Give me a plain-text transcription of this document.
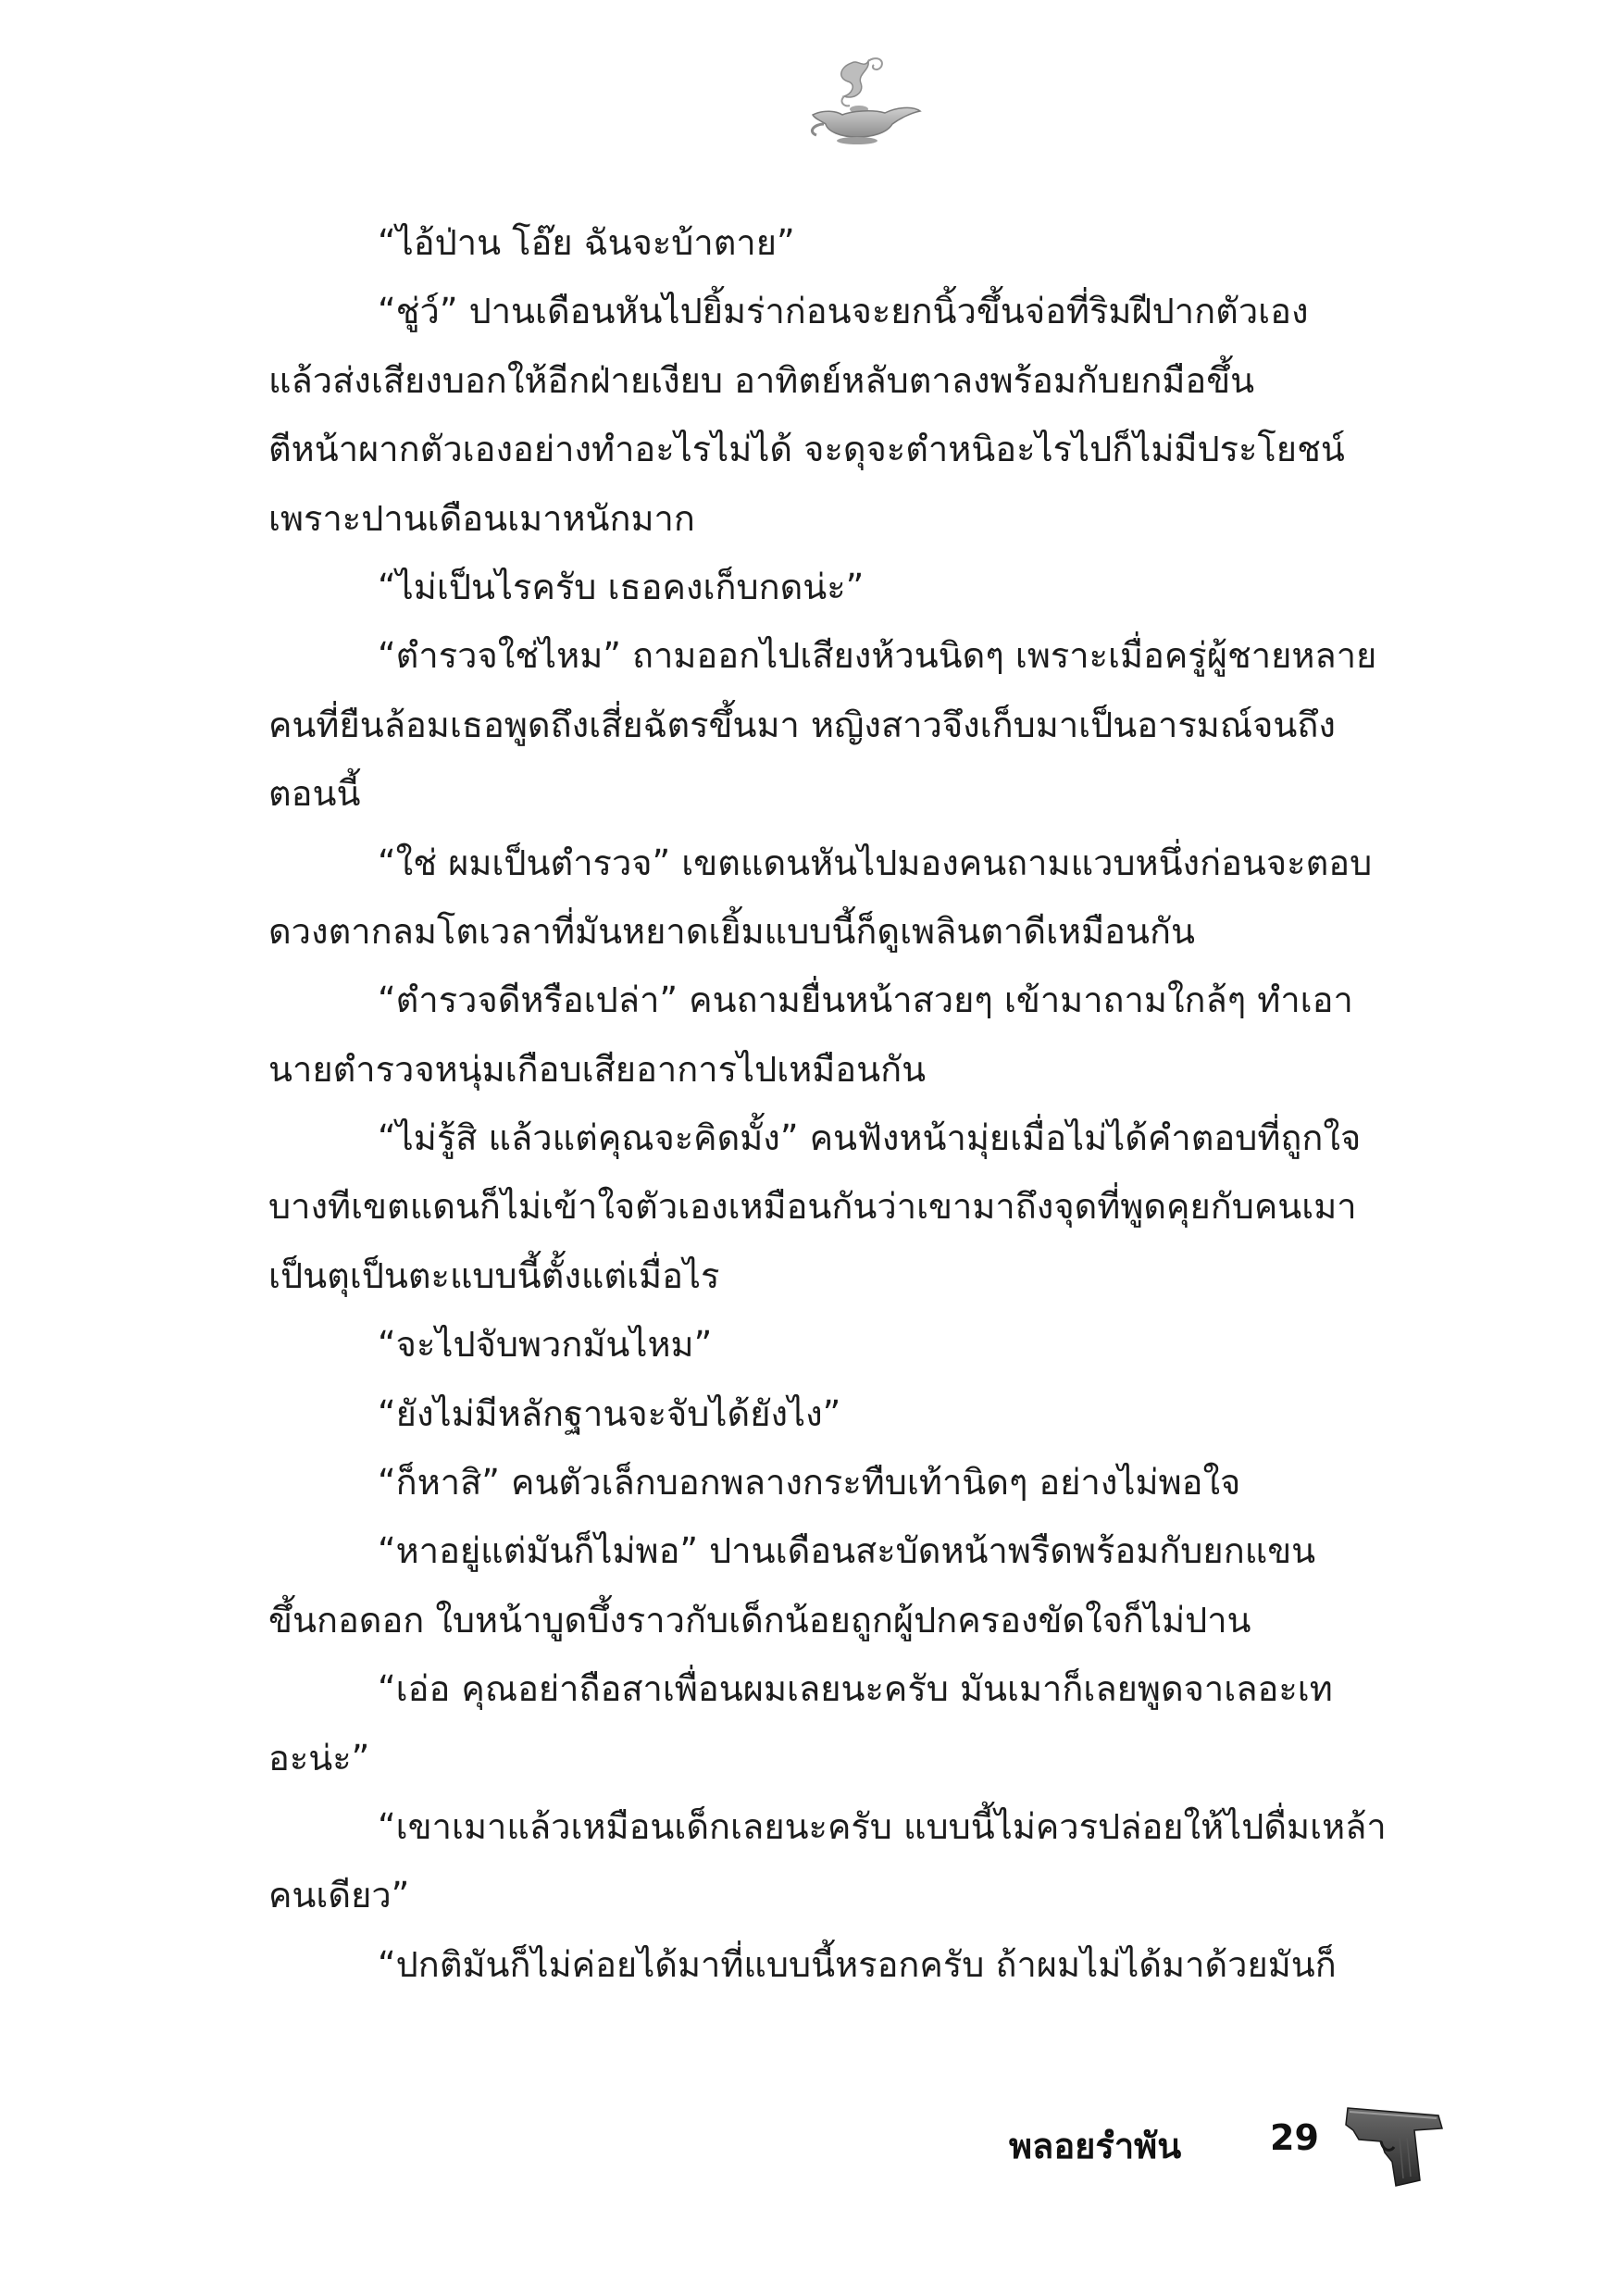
“ไอ้ป่าน โอ๊ย ฉันจะบ้าตาย”
“ชู่ว์” ปานเดือนหันไปยิ้มร่าก่อนจะยกนิ้วขึ้นจ่อที่ริมฝีปากตัวเอง
แล้วส่งเสียงบอกให้อีกฝ่ายเงียบ อาทิตย์หลับตาลงพร้อมกับยกมือขึ้น
ตีหน้าผากตัวเองอย่างทำอะไรไม่ได้ จะดุจะตำหนิอะไรไปก็ไม่มีประโยชน์
เพราะปานเดือนเมาหนักมาก
“ไม่เป็นไรครับ เธอคงเก็บกดน่ะ”
“ตำรวจใช่ไหม” ถามออกไปเสียงห้วนนิดๆ เพราะเมื่อครู่ผู้ชายหลาย
คนที่ยืนล้อมเธอพูดถึงเสี่ยฉัตรขึ้นมา หญิงสาวจึงเก็บมาเป็นอารมณ์จนถึง
ตอนนี้
“ใช่ ผมเป็นตำรวจ” เขตแดนหันไปมองคนถามแวบหนึ่งก่อนจะตอบ
ดวงตากลมโตเวลาที่มันหยาดเยิ้มแบบนี้ก็ดูเพลินตาดีเหมือนกัน
“ตำรวจดีหรือเปล่า” คนถามยื่นหน้าสวยๆ เข้ามาถามใกล้ๆ ทำเอา
นายตำรวจหนุ่มเกือบเสียอาการไปเหมือนกัน
“ไม่รู้สิ แล้วแต่คุณจะคิดมั้ง” คนฟังหน้ามุ่ยเมื่อไม่ได้คำตอบที่ถูกใจ
บางทีเขตแดนก็ไม่เข้าใจตัวเองเหมือนกันว่าเขามาถึงจุดที่พูดคุยกับคนเมา
เป็นตุเป็นตะแบบนี้ตั้งแต่เมื่อไร
“จะไปจับพวกมันไหม”
“ยังไม่มีหลักฐานจะจับได้ยังไง”
“ก็หาสิ” คนตัวเล็กบอกพลางกระทืบเท้านิดๆ อย่างไม่พอใจ
“หาอยู่แต่มันก็ไม่พอ” ปานเดือนสะบัดหน้าพรืดพร้อมกับยกแขน
ขึ้นกอดอก ใบหน้าบูดบึ้งราวกับเด็กน้อยถูกผู้ปกครองขัดใจก็ไม่ปาน
“เอ่อ คุณอย่าถือสาเพื่อนผมเลยนะครับ มันเมาก็เลยพูดจาเลอะเท
อะน่ะ”
“เขาเมาแล้วเหมือนเด็กเลยนะครับ แบบนี้ไม่ควรปล่อยให้ไปดื่มเหล้า
คนเดียว”
“ปกติมันก็ไม่ค่อยได้มาที่แบบนี้หรอกครับ ถ้าผมไม่ได้มาด้วยมันก็
พลอยรำพัน	29
